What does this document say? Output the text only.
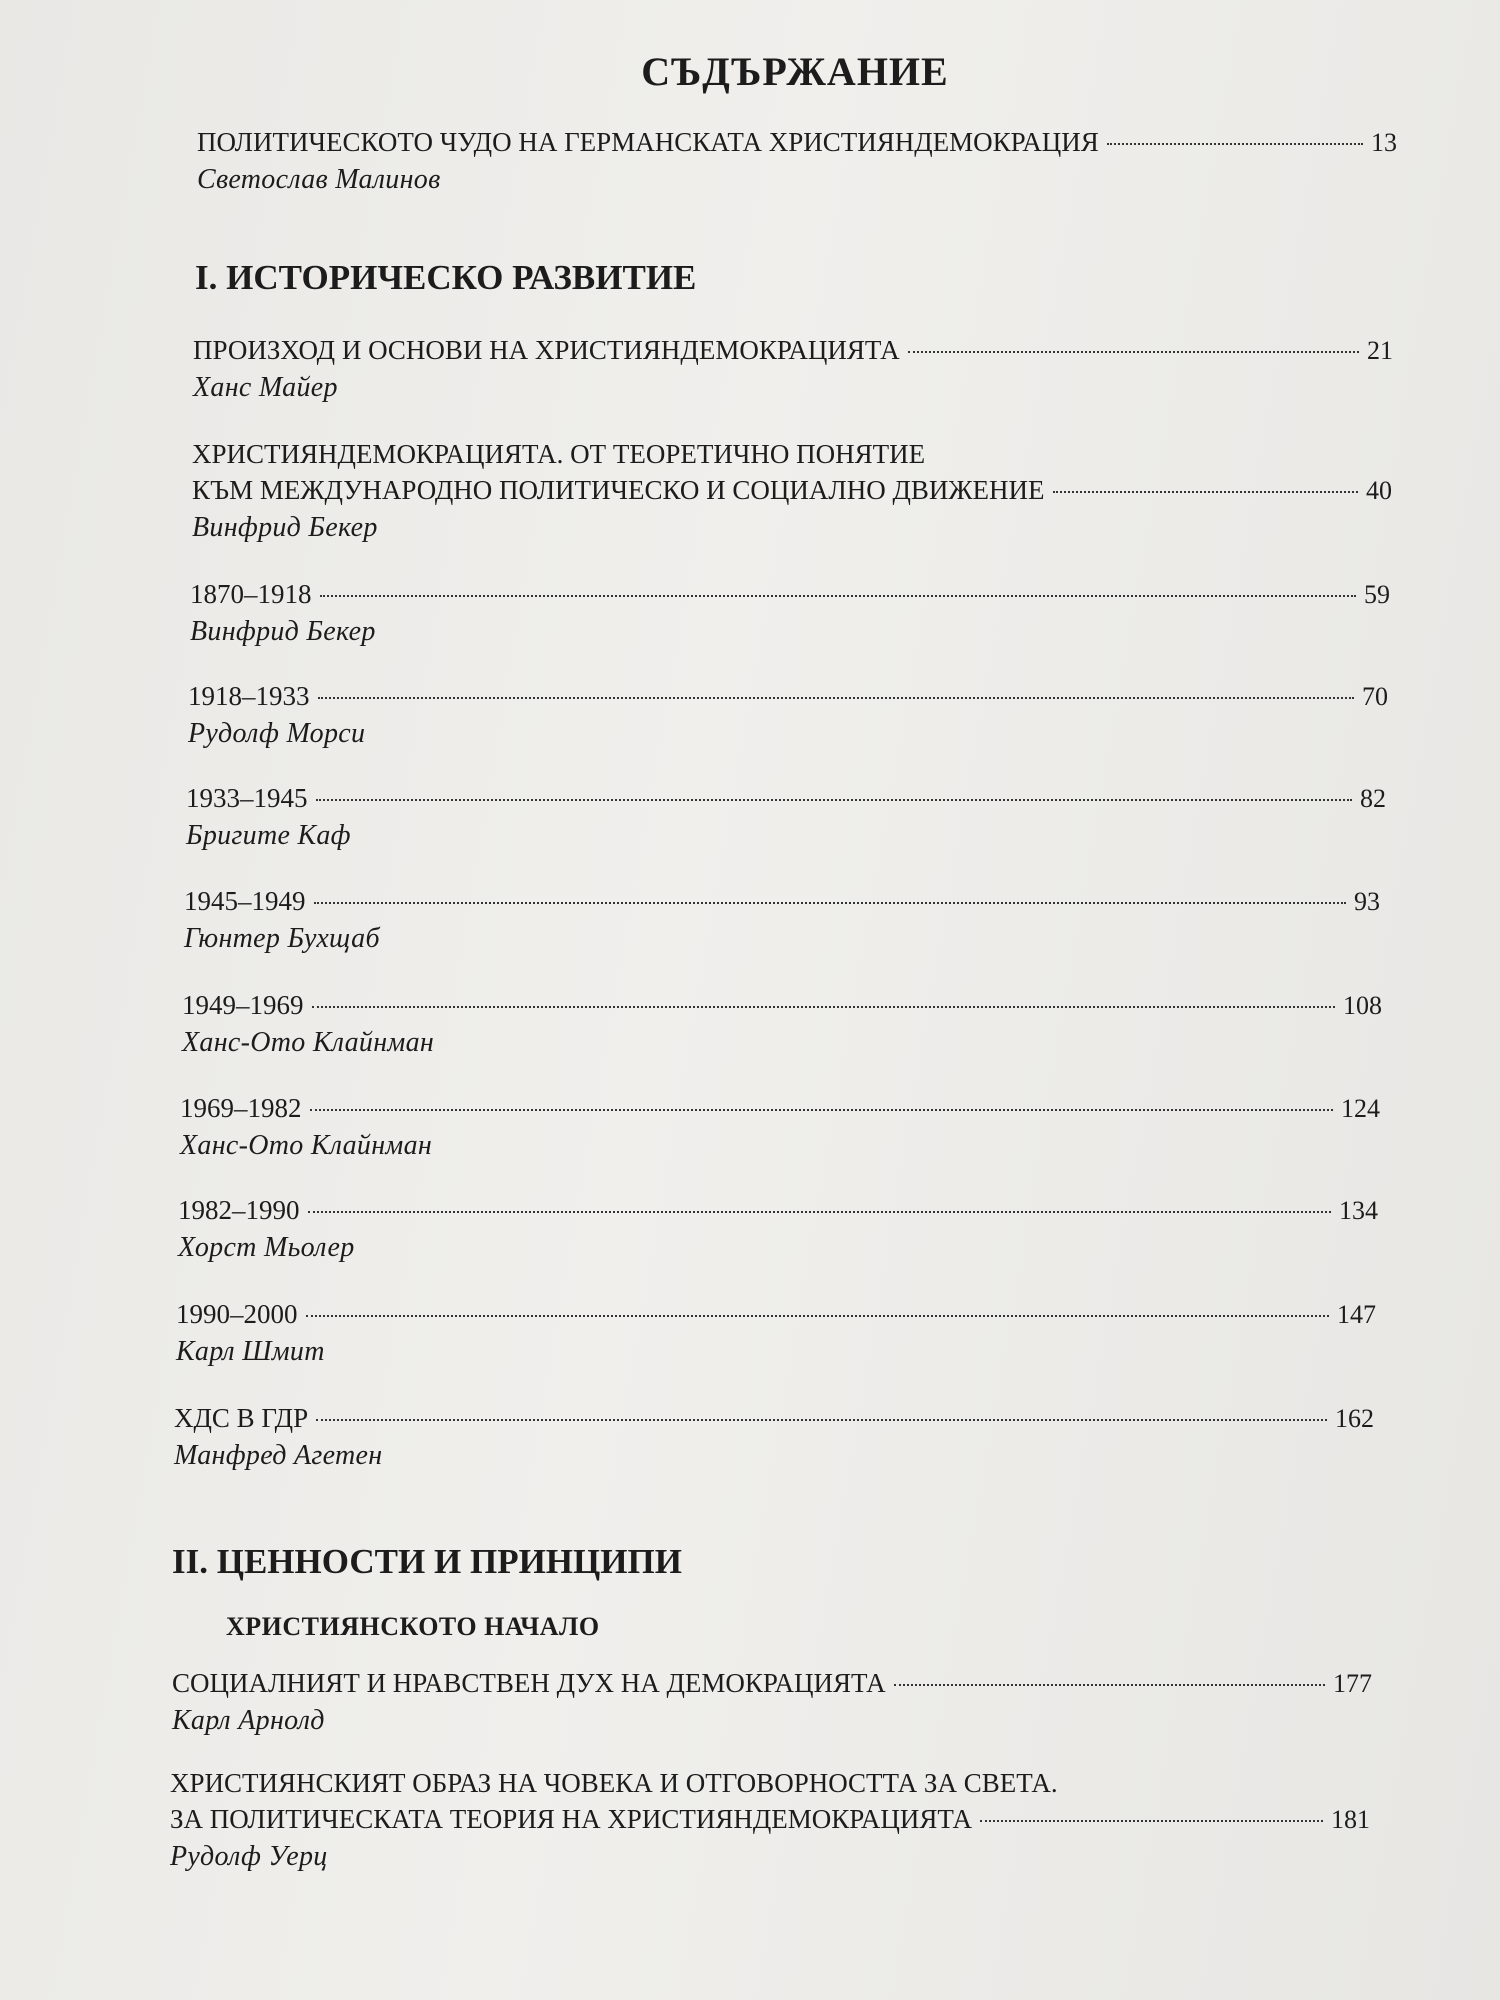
СЪДЪРЖАНИЕ
ПОЛИТИЧЕСКОТО ЧУДО НА ГЕРМАНСКАТА ХРИСТИЯНДЕМОКРАЦИЯ	13
Светослав Малинов
I. ИСТОРИЧЕСКО РАЗВИТИЕ
ПРОИЗХОД И ОСНОВИ НА ХРИСТИЯНДЕМОКРАЦИЯТА	21
Ханс Майер
ХРИСТИЯНДЕМОКРАЦИЯТА. ОТ ТЕОРЕТИЧНО ПОНЯТИЕ
КЪМ МЕЖДУНАРОДНО ПОЛИТИЧЕСКО И СОЦИАЛНО ДВИЖЕНИЕ	40
Винфрид Бекер
1870–1918	59
Винфрид Бекер
1918–1933	70
Рудолф Морси
1933–1945	82
Бригите Каф
1945–1949	93
Гюнтер Бухщаб
1949–1969	108
Ханс-Ото Клайнман
1969–1982	124
Ханс-Ото Клайнман
1982–1990	134
Хорст Мьолер
1990–2000	147
Карл Шмит
ХДС В ГДР	162
Манфред Агетен
II. ЦЕННОСТИ И ПРИНЦИПИ
ХРИСТИЯНСКОТО НАЧАЛО
СОЦИАЛНИЯТ И НРАВСТВЕН ДУХ НА ДЕМОКРАЦИЯТА	177
Карл Арнолд
ХРИСТИЯНСКИЯТ ОБРАЗ НА ЧОВЕКА И ОТГОВОРНОСТТА ЗА СВЕТА.
ЗА ПОЛИТИЧЕСКАТА ТЕОРИЯ НА ХРИСТИЯНДЕМОКРАЦИЯТА	181
Рудолф Уерц
